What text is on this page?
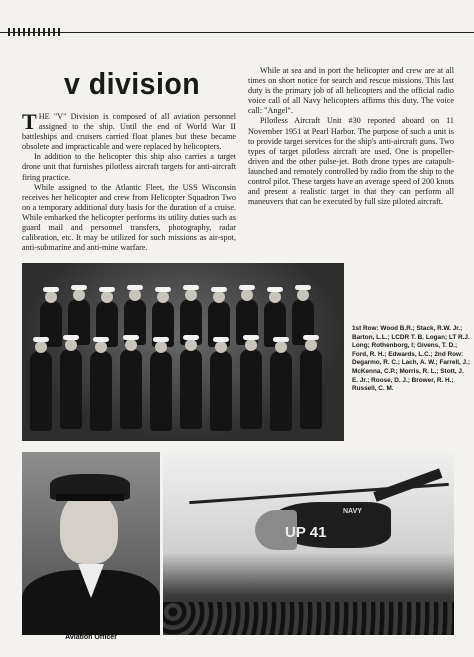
v division

THE "V" Division is composed of all aviation personnel assigned to the ship. Until the end of World War II battleships and cruisers carried float planes but these became obsolete and impracticable and were replaced by helicopters.

In addition to the helicopter this ship also carries a target drone unit that furnishes pilotless aircraft targets for anti-aircraft firing practice.

While assigned to the Atlantic Fleet, the USS Wisconsin receives her helicopter and crew from Helicopter Squadron Two on a temporary additional duty basis for the duration of a cruise. While embarked the helicopter performs its utility duties such as guard mail and personnel transfers, photography, radar calibration, etc. It may be utilized for such missions as air-spot, anti-submarine and anti-mine warfare.

While at sea and in port the helicopter and crew are at all times on short notice for search and rescue missions. This last duty is the primary job of all helicopters and the official radio voice call of all Navy helicopters affirms this duty. The voice call: "Angel".

Pilotless Aircraft Unit #30 reported aboard on 11 November 1951 at Pearl Harbor. The purpose of such a unit is to provide target services for the ship's anti-aircraft guns. Two types of target pilotless aircraft are used. One is propeller-driven and the other pulse-jet. Both drone types are catapult-launched and remotely controlled by radio from the ship to the control pilot. These targets have an average speed of 200 knots and present a realistic target in that they can perform all maneuvers that can be executed by full size piloted aircraft.

1st Row: Wood B.R.; Stack, R.W. Jr.; Barton, L.L.; LCDR T. B. Logan; LT R.J. Long; Rothenborg, I; Givens, T. D.; Ford, R. H.; Edwards, L.C.; 2nd Row: Degarmo, R. C.; Lach, A. W.; Farrell, J.; McKenna, C.P.; Morris, R. L.; Stott, J. E. Jr.; Roose, D. J.; Brower, R. H.; Russell, C. M.
LCDR T. B. Logan
Aviation Officer
UP 41
NAVY
